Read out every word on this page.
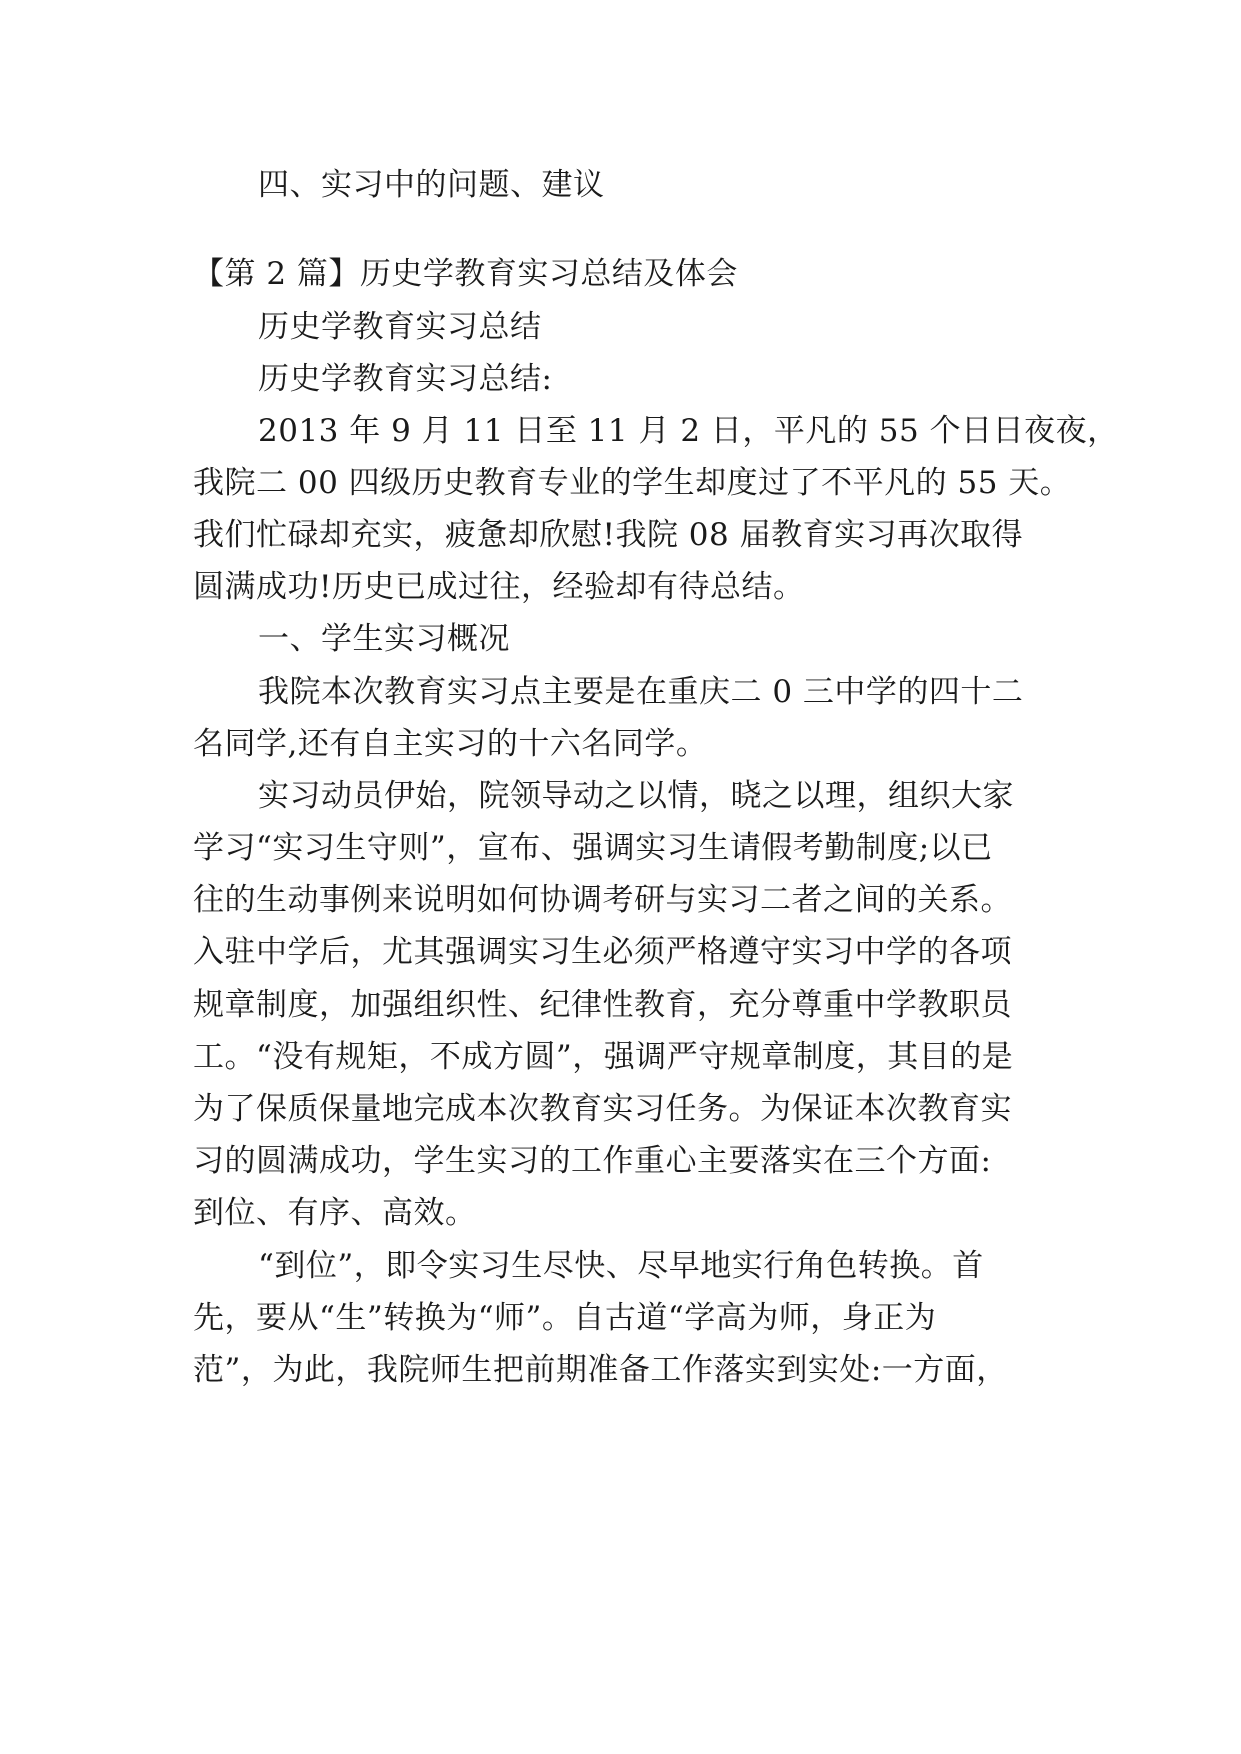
四、实习中的问题、建议
【第 2 篇】历史学教育实习总结及体会
历史学教育实习总结
历史学教育实习总结:
2013 年 9 月 11 日至 11 月 2 日，平凡的 55 个日日夜夜，
我院二 00 四级历史教育专业的学生却度过了不平凡的 55 天。
我们忙碌却充实，疲惫却欣慰!我院 08 届教育实习再次取得
圆满成功!历史已成过往，经验却有待总结。
一、学生实习概况
我院本次教育实习点主要是在重庆二 0 三中学的四十二
名同学,还有自主实习的十六名同学。
实习动员伊始，院领导动之以情，晓之以理，组织大家
学习“实习生守则”，宣布、强调实习生请假考勤制度;以已
往的生动事例来说明如何协调考研与实习二者之间的关系。
入驻中学后，尤其强调实习生必须严格遵守实习中学的各项
规章制度，加强组织性、纪律性教育，充分尊重中学教职员
工。“没有规矩，不成方圆”，强调严守规章制度，其目的是
为了保质保量地完成本次教育实习任务。为保证本次教育实
习的圆满成功，学生实习的工作重心主要落实在三个方面:
到位、有序、高效。
“到位”，即令实习生尽快、尽早地实行角色转换。首
先，要从“生”转换为“师”。自古道“学高为师，身正为
范”，为此，我院师生把前期准备工作落实到实处:一方面，
